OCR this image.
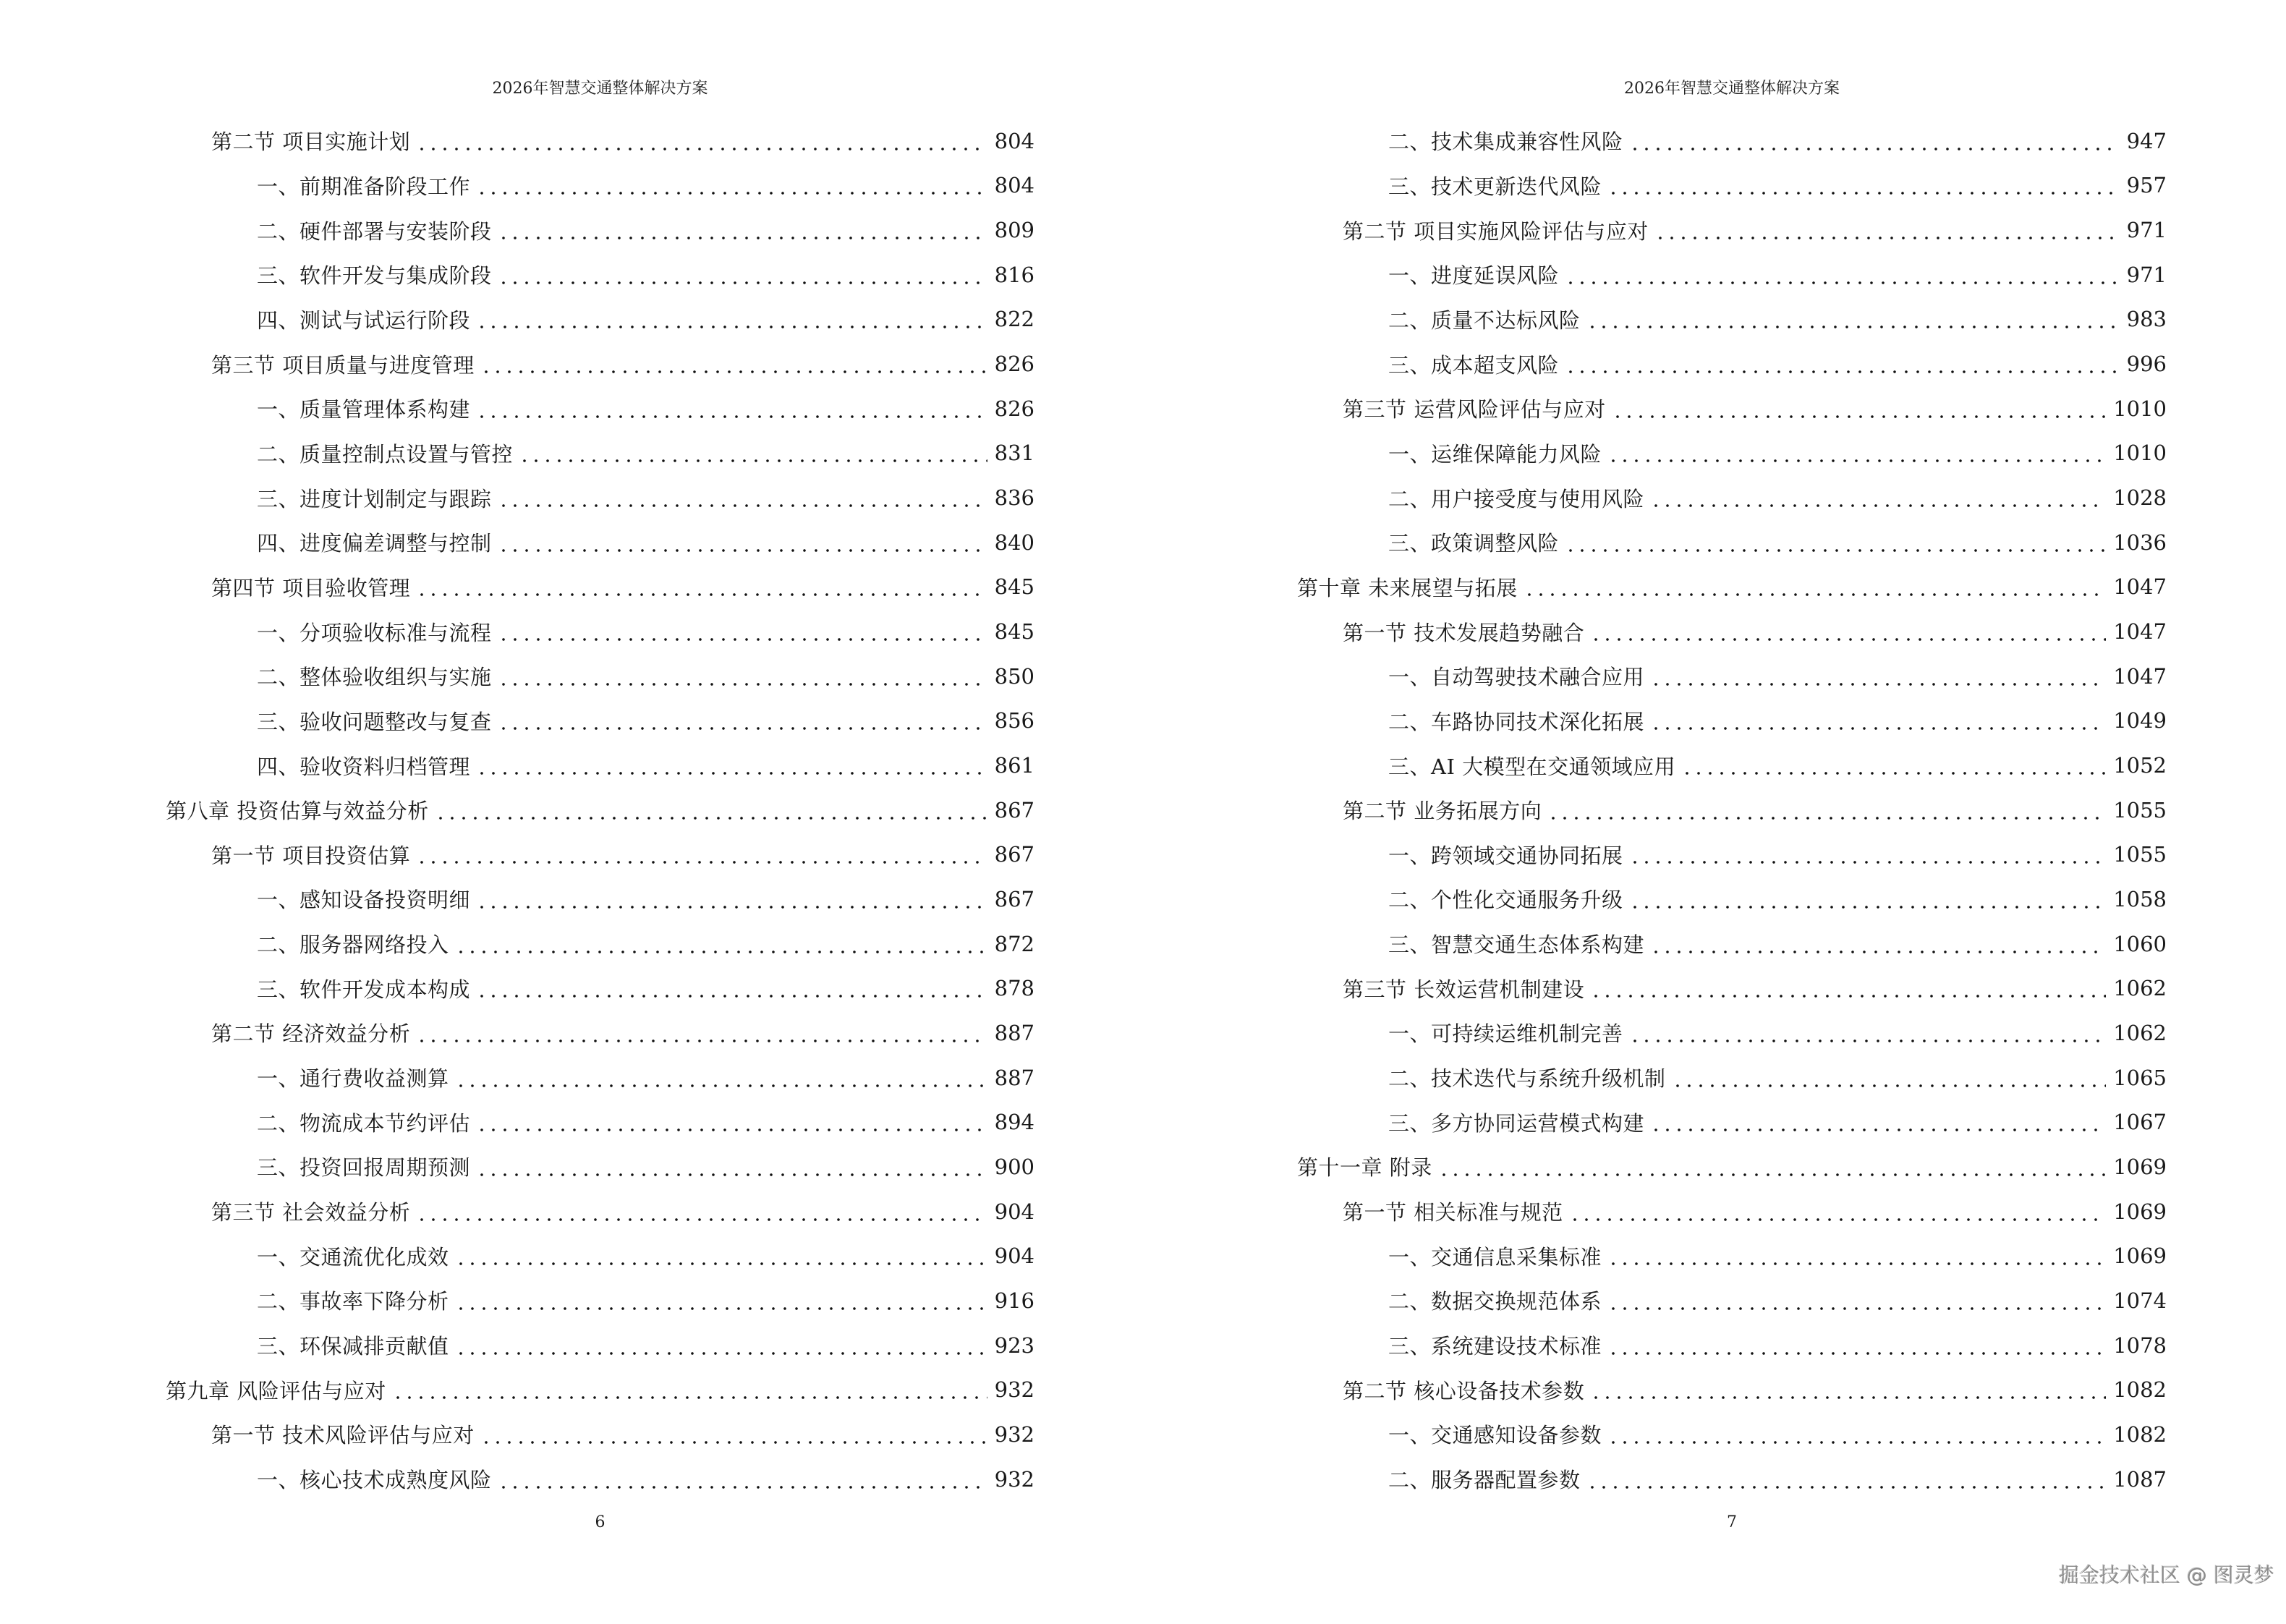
2026年智慧交通整体解决方案
第二节 项目实施计划	804
一、前期准备阶段工作	804
二、硬件部署与安装阶段	809
三、软件开发与集成阶段	816
四、测试与试运行阶段	822
第三节 项目质量与进度管理	826
一、质量管理体系构建	826
二、质量控制点设置与管控	831
三、进度计划制定与跟踪	836
四、进度偏差调整与控制	840
第四节 项目验收管理	845
一、分项验收标准与流程	845
二、整体验收组织与实施	850
三、验收问题整改与复查	856
四、验收资料归档管理	861
第八章 投资估算与效益分析	867
第一节 项目投资估算	867
一、感知设备投资明细	867
二、服务器网络投入	872
三、软件开发成本构成	878
第二节 经济效益分析	887
一、通行费收益测算	887
二、物流成本节约评估	894
三、投资回报周期预测	900
第三节 社会效益分析	904
一、交通流优化成效	904
二、事故率下降分析	916
三、环保减排贡献值	923
第九章 风险评估与应对	932
第一节 技术风险评估与应对	932
一、核心技术成熟度风险	932
6
2026年智慧交通整体解决方案
二、技术集成兼容性风险	947
三、技术更新迭代风险	957
第二节 项目实施风险评估与应对	971
一、进度延误风险	971
二、质量不达标风险	983
三、成本超支风险	996
第三节 运营风险评估与应对	1010
一、运维保障能力风险	1010
二、用户接受度与使用风险	1028
三、政策调整风险	1036
第十章 未来展望与拓展	1047
第一节 技术发展趋势融合	1047
一、自动驾驶技术融合应用	1047
二、车路协同技术深化拓展	1049
三、AI 大模型在交通领域应用	1052
第二节 业务拓展方向	1055
一、跨领域交通协同拓展	1055
二、个性化交通服务升级	1058
三、智慧交通生态体系构建	1060
第三节 长效运营机制建设	1062
一、可持续运维机制完善	1062
二、技术迭代与系统升级机制	1065
三、多方协同运营模式构建	1067
第十一章 附录	1069
第一节 相关标准与规范	1069
一、交通信息采集标准	1069
二、数据交换规范体系	1074
三、系统建设技术标准	1078
第二节 核心设备技术参数	1082
一、交通感知设备参数	1082
二、服务器配置参数	1087
7
掘金技术社区 @ 图灵梦
